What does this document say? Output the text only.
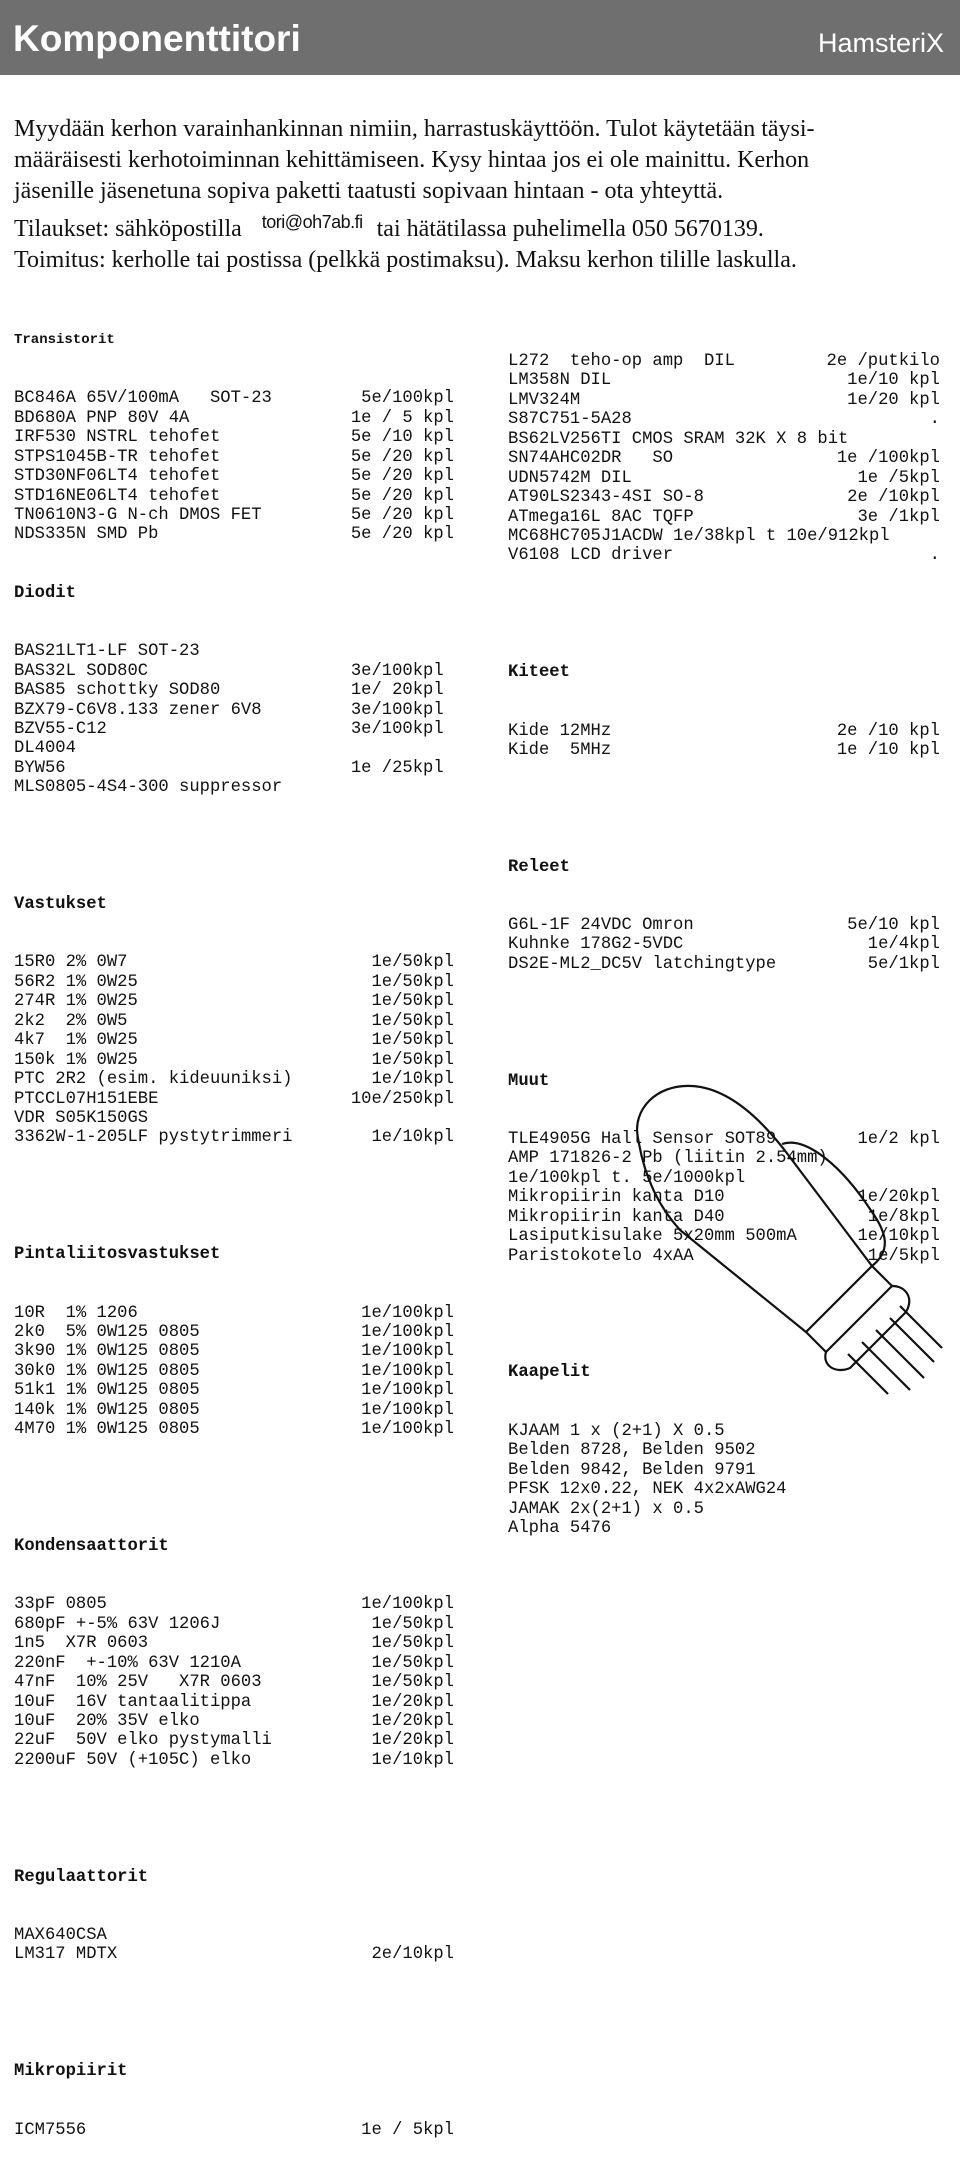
Komponenttitori	HamsteriX

Myydään kerhon varainhankinnan nimiin, harrastuskäyttöön. Tulot käytetään täysi-

määräisesti kerhotoiminnan kehittämiseen. Kysy hintaa jos ei ole mainittu. Kerhon

jäsenille jäsenetuna sopiva paketti taatusti sopivaan hintaan - ota yhteyttä.

Tilaukset: sähköpostilla tori@oh7ab.fi tai hätätilassa puhelimella 050 5670139.

Toimitus: kerholle tai postissa (pelkkä postimaksu). Maksu kerhon tilille laskulla.

Transistorit

BC846A 65V/100mA   SOT-23	5e/100kpl
BD680A PNP 80V 4A	1e / 5 kpl
IRF530 NSTRL tehofet	5e /10 kpl
STPS1045B-TR tehofet	5e /20 kpl
STD30NF06LT4 tehofet	5e /20 kpl
STD16NE06LT4 tehofet	5e /20 kpl
TN0610N3-G N-ch DMOS FET	5e /20 kpl
NDS335N SMD Pb	5e /20 kpl

Diodit

BAS21LT1-LF SOT-23
BAS32L SOD80C	3e/100kpl
BAS85 schottky SOD80	1e/ 20kpl
BZX79-C6V8.133 zener 6V8	3e/100kpl
BZV55-C12	3e/100kpl
DL4004
BYW56	1e /25kpl
MLS0805-4S4-300 suppressor

Vastukset

15R0 2% 0W7	1e/50kpl
56R2 1% 0W25	1e/50kpl
274R 1% 0W25	1e/50kpl
2k2  2% 0W5	1e/50kpl
4k7  1% 0W25	1e/50kpl
150k 1% 0W25	1e/50kpl
PTC 2R2 (esim. kideuuniksi)	1e/10kpl
PTCCL07H151EBE	10e/250kpl
VDR S05K150GS
3362W-1-205LF pystytrimmeri	1e/10kpl

Pintaliitosvastukset

10R  1% 1206	1e/100kpl
2k0  5% 0W125 0805	1e/100kpl
3k90 1% 0W125 0805	1e/100kpl
30k0 1% 0W125 0805	1e/100kpl
51k1 1% 0W125 0805	1e/100kpl
140k 1% 0W125 0805	1e/100kpl
4M70 1% 0W125 0805	1e/100kpl

Kondensaattorit

33pF 0805	1e/100kpl
680pF +-5% 63V 1206J	1e/50kpl
1n5  X7R 0603	1e/50kpl
220nF  +-10% 63V 1210A	1e/50kpl
47nF  10% 25V   X7R 0603	1e/50kpl
10uF  16V tantaalitippa	1e/20kpl
10uF  20% 35V elko	1e/20kpl
22uF  50V elko pystymalli	1e/20kpl
2200uF 50V (+105C) elko	1e/10kpl

Regulaattorit

MAX640CSA
LM317 MDTX	2e/10kpl

Mikropiirit

ICM7556	1e / 5kpl

L272  teho-op amp  DIL	2e /putkilo
LM358N DIL	1e/10 kpl
LMV324M	1e/20 kpl
S87C751-5A28	.
BS62LV256TI CMOS SRAM 32K X 8 bit
SN74AHC02DR   SO	1e /100kpl
UDN5742M DIL	1e /5kpl
AT90LS2343-4SI SO-8	2e /10kpl
ATmega16L 8AC TQFP	3e /1kpl
MC68HC705J1ACDW 1e/38kpl t 10e/912kpl
V6108 LCD driver	.

Kiteet

Kide 12MHz	2e /10 kpl
Kide  5MHz	1e /10 kpl

Releet

G6L-1F 24VDC Omron	5e/10 kpl
Kuhnke 178G2-5VDC	1e/4kpl
DS2E-ML2_DC5V latchingtype	5e/1kpl

Muut

TLE4905G Hall Sensor SOT89	1e/2 kpl
AMP 171826-2 Pb (liitin 2.54mm)
1e/100kpl t. 5e/1000kpl
Mikropiirin kanta D10	1e/20kpl
Mikropiirin kanta D40	1e/8kpl
Lasiputkisulake 5x20mm 500mA	1e/10kpl
Paristokotelo 4xAA	1e/5kpl

Kaapelit

KJAAM 1 x (2+1) X 0.5
Belden 8728, Belden 9502
Belden 9842, Belden 9791
PFSK 12x0.22, NEK 4x2xAWG24
JAMAK 2x(2+1) x 0.5
Alpha 5476
